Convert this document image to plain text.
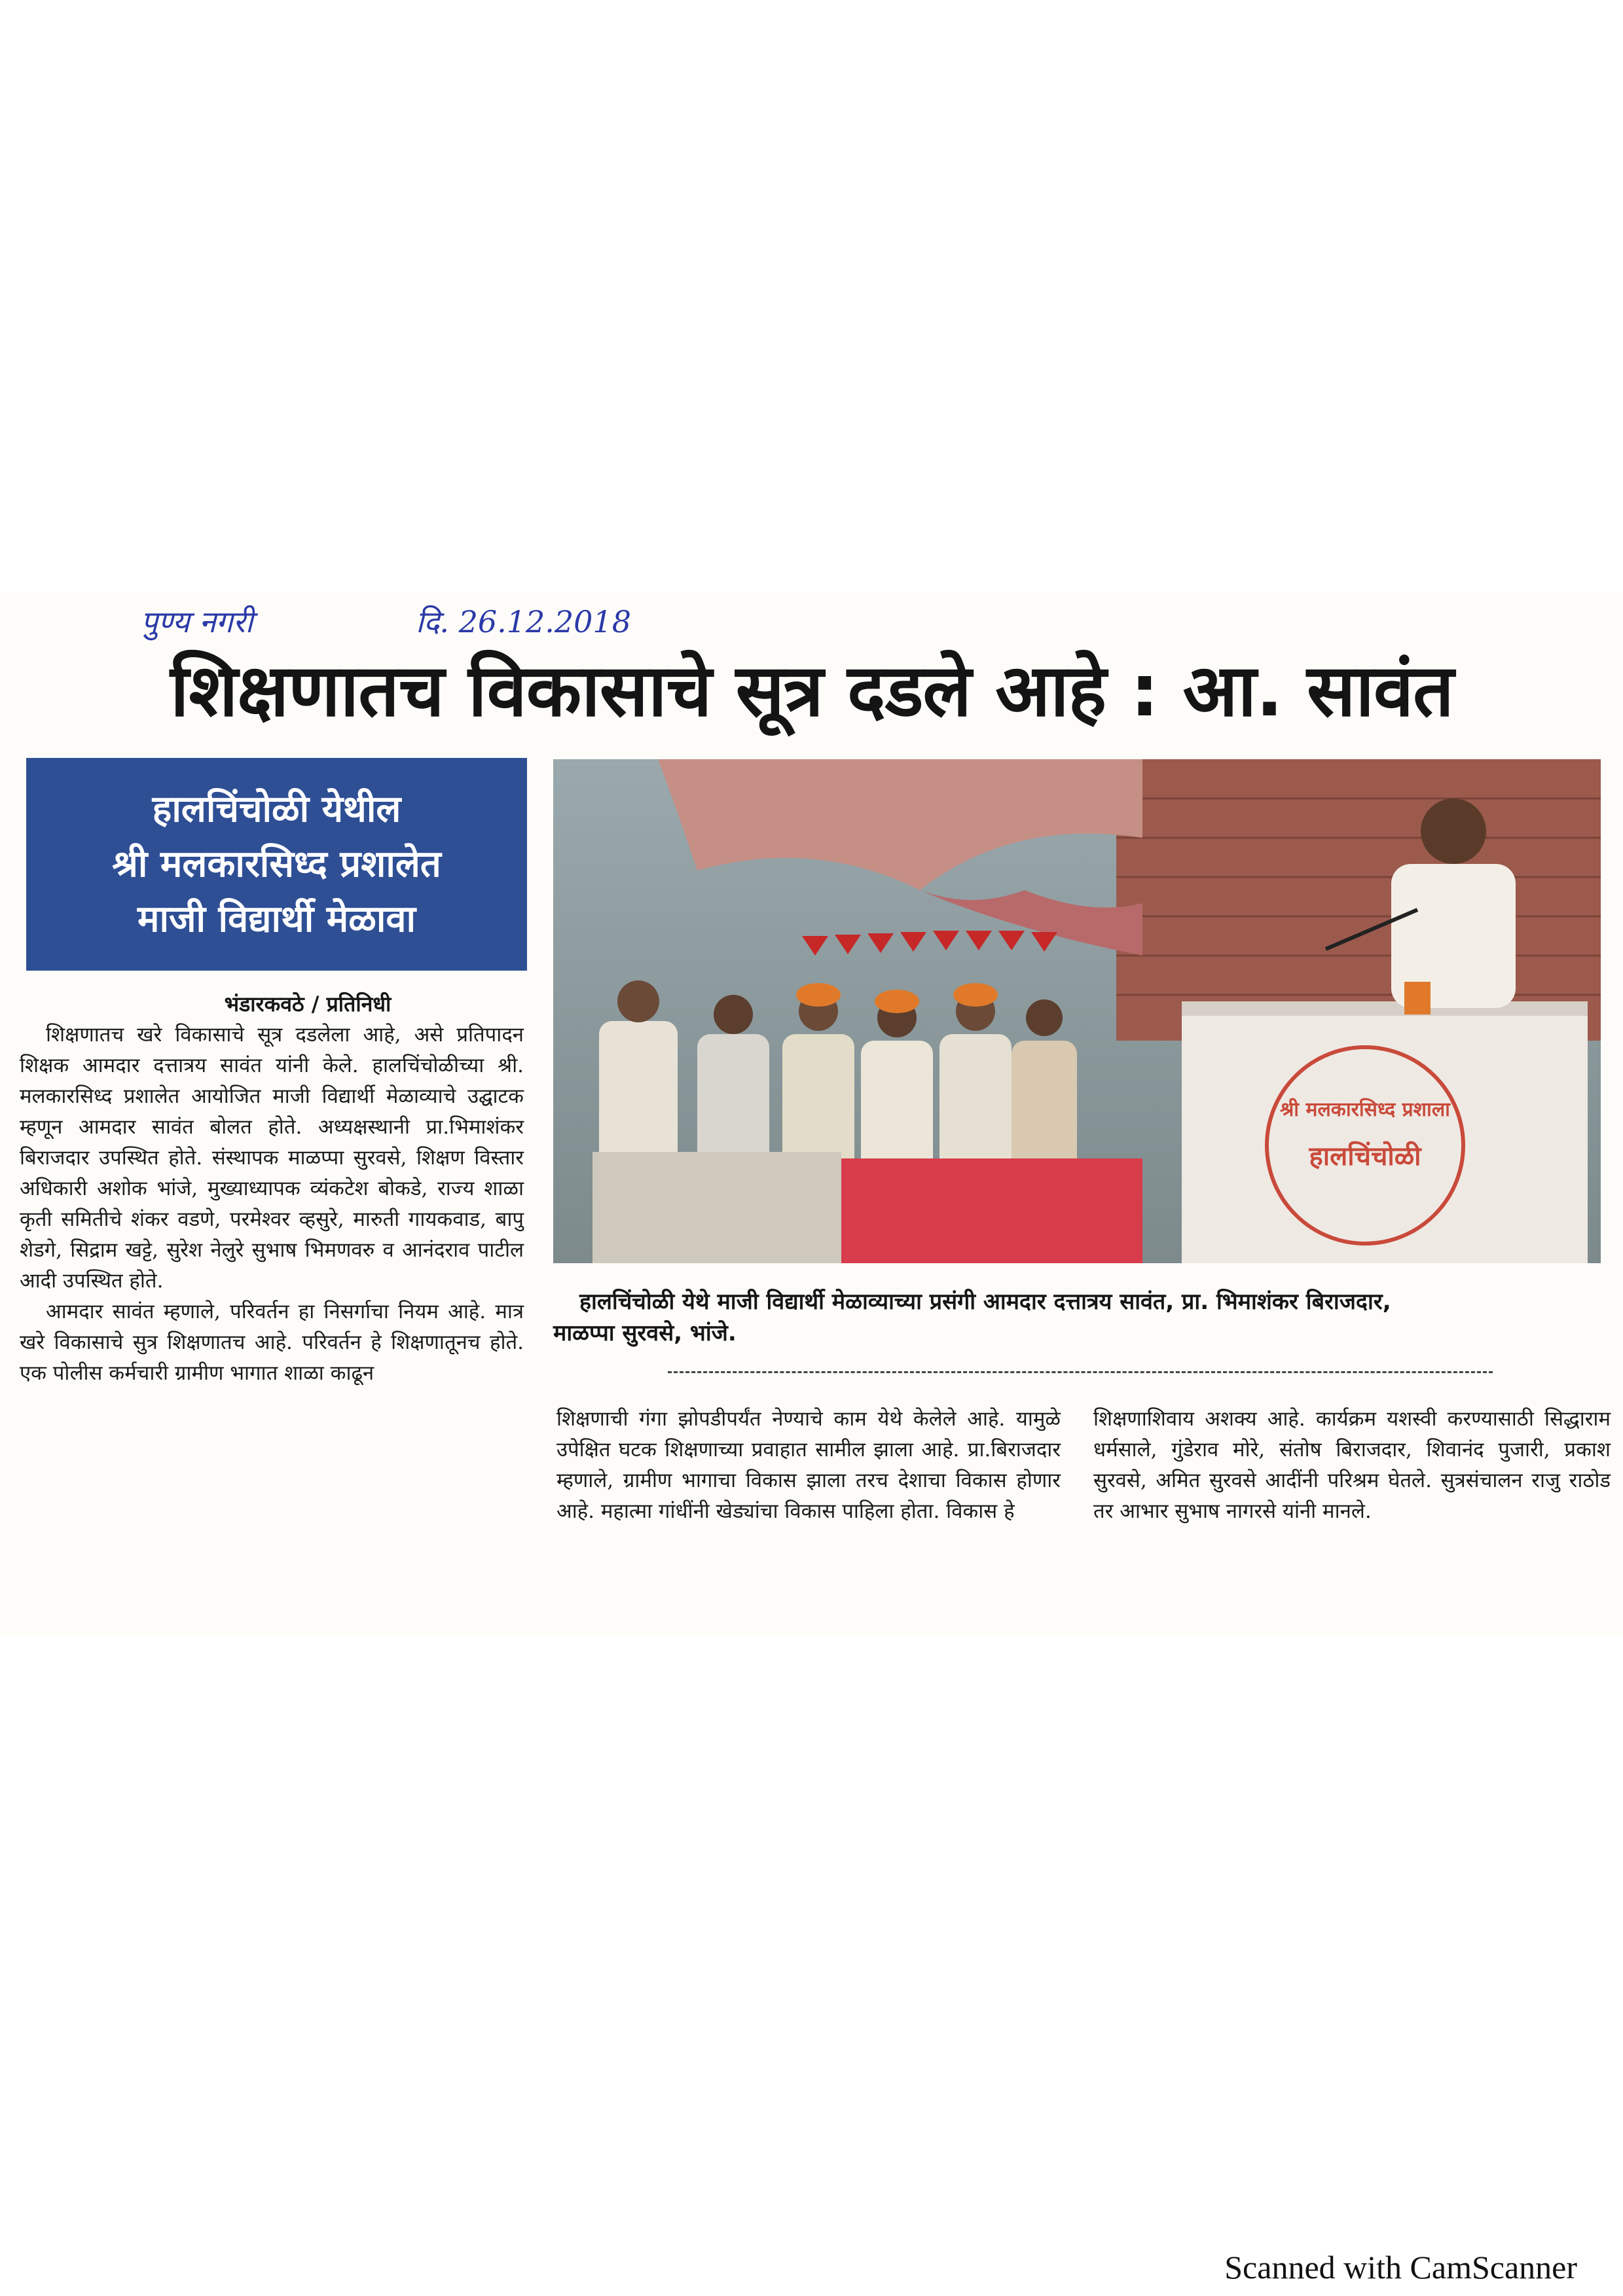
पुण्य नगरी	दि. 26.12.2018
शिक्षणातच विकासाचे सूत्र दडले आहे : आ. सावंत
हालचिंचोळी येथील
श्री मलकारसिध्द प्रशालेत
माजी विद्यार्थी मेळावा
भंडारकवठे / प्रतिनिधी

शिक्षणातच खरे विकासाचे सूत्र दडलेला आहे, असे प्रतिपादन शिक्षक आमदार दत्तात्रय सावंत यांनी केले. हालचिंचोळीच्या श्री. मलकारसिध्द प्रशालेत आयोजित माजी विद्यार्थी मेळाव्याचे उद्घाटक म्हणून आमदार सावंत बोलत होते. अध्यक्षस्थानी प्रा.भिमाशंकर बिराजदार उपस्थित होते. संस्थापक माळप्पा सुरवसे, शिक्षण विस्तार अधिकारी अशोक भांजे, मुख्याध्यापक व्यंकटेश बोकडे, राज्य शाळा कृती समितीचे शंकर वडणे, परमेश्वर व्हसुरे, मारुती गायकवाड, बापु शेडगे, सिद्राम खट्टे, सुरेश नेलुरे सुभाष भिमणवरु व आनंदराव पाटील आदी उपस्थित होते.

आमदार सावंत म्हणाले, परिवर्तन हा निसर्गाचा नियम आहे. मात्र खरे विकासाचे सुत्र शिक्षणातच आहे. परिवर्तन हे शिक्षणातूनच होते. एक पोलीस कर्मचारी ग्रामीण भागात शाळा काढून

श्री मलकारसिध्द प्रशाला
हालचिंचोळी
हालचिंचोळी येथे माजी विद्यार्थी मेळाव्याच्या प्रसंगी आमदार दत्तात्रय सावंत, प्रा. भिमाशंकर बिराजदार,
माळप्पा सुरवसे, भांजे.

शिक्षणाची गंगा झोपडीपर्यंत नेण्याचे काम येथे केलेले आहे. यामुळे उपेक्षित घटक शिक्षणाच्या प्रवाहात सामील झाला आहे. प्रा.बिराजदार म्हणाले, ग्रामीण भागाचा विकास झाला तरच देशाचा विकास होणार आहे. महात्मा गांधींनी खेड्यांचा विकास पाहिला होता. विकास हे

शिक्षणाशिवाय अशक्य आहे. कार्यक्रम यशस्वी करण्यासाठी सिद्धाराम धर्मसाले, गुंडेराव मोरे, संतोष बिराजदार, शिवानंद पुजारी, प्रकाश सुरवसे, अमित सुरवसे आदींनी परिश्रम घेतले. सुत्रसंचालन राजु राठोड तर आभार सुभाष नागरसे यांनी मानले.

Scanned with CamScanner
